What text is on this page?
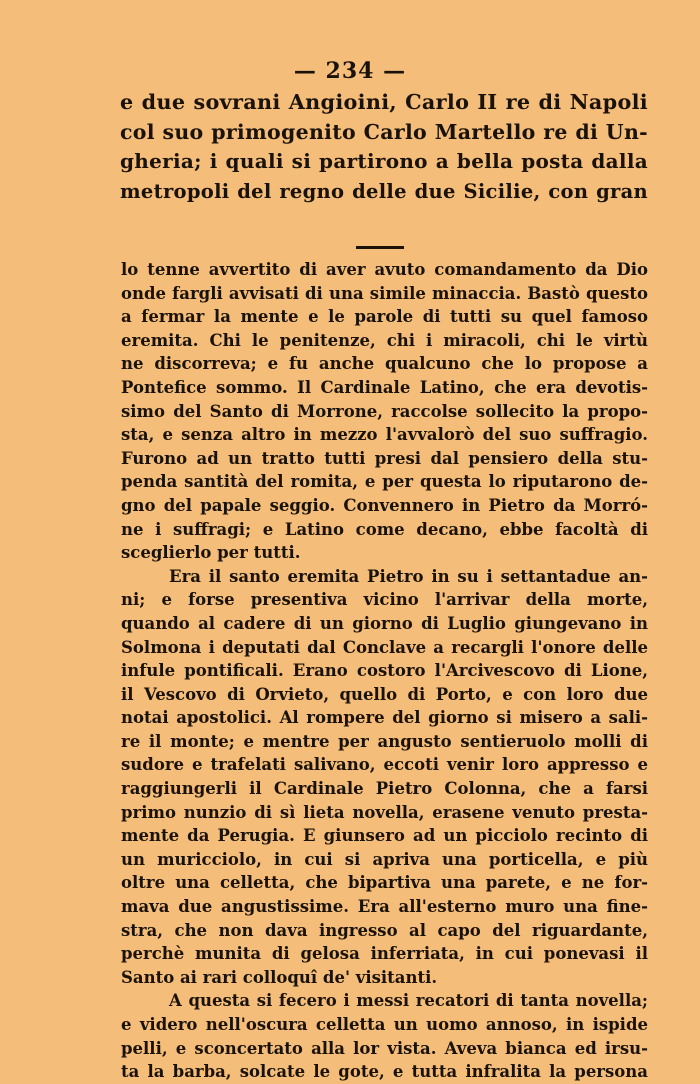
— 234 —
e due sovrani Angioini, Carlo II re di Napoli
col suo primogenito Carlo Martello re di Un-
gheria; i quali si partirono a bella posta dalla
metropoli del regno delle due Sicilie, con gran
lo tenne avvertito di aver avuto comandamento da Dio
onde fargli avvisati di una simile minaccia. Bastò questo
a fermar la mente e le parole di tutti su quel famoso
eremita. Chi le penitenze, chi i miracoli, chi le virtù
ne discorreva; e fu anche qualcuno che lo propose a
Pontefice sommo. Il Cardinale Latino, che era devotis-
simo del Santo di Morrone, raccolse sollecito la propo-
sta, e senza altro in mezzo l'avvalorò del suo suffragio.
Furono ad un tratto tutti presi dal pensiero della stu-
penda santità del romita, e per questa lo riputarono de-
gno del papale seggio. Convennero in Pietro da Morró-
ne i suffragi; e Latino come decano, ebbe facoltà di
sceglierlo per tutti.
Era il santo eremita Pietro in su i settantadue an-
ni; e forse presentiva vicino l'arrivar della morte,
quando al cadere di un giorno di Luglio giungevano in
Solmona i deputati dal Conclave a recargli l'onore delle
infule pontificali. Erano costoro l'Arcivescovo di Lione,
il Vescovo di Orvieto, quello di Porto, e con loro due
notai apostolici. Al rompere del giorno si misero a sali-
re il monte; e mentre per angusto sentieruolo molli di
sudore e trafelati salivano, eccoti venir loro appresso e
raggiungerli il Cardinale Pietro Colonna, che a farsi
primo nunzio di sì lieta novella, erasene venuto presta-
mente da Perugia. E giunsero ad un picciolo recinto di
un muricciolo, in cui si apriva una porticella, e più
oltre una celletta, che bipartiva una parete, e ne for-
mava due angustissime. Era all'esterno muro una fine-
stra, che non dava ingresso al capo del riguardante,
perchè munita di gelosa inferriata, in cui ponevasi il
Santo ai rari colloquî de' visitanti.
A questa si fecero i messi recatori di tanta novella;
e videro nell'oscura celletta un uomo annoso, in ispide
pelli, e sconcertato alla lor vista. Aveva bianca ed irsu-
ta la barba, solcate le gote, e tutta infralita la persona
